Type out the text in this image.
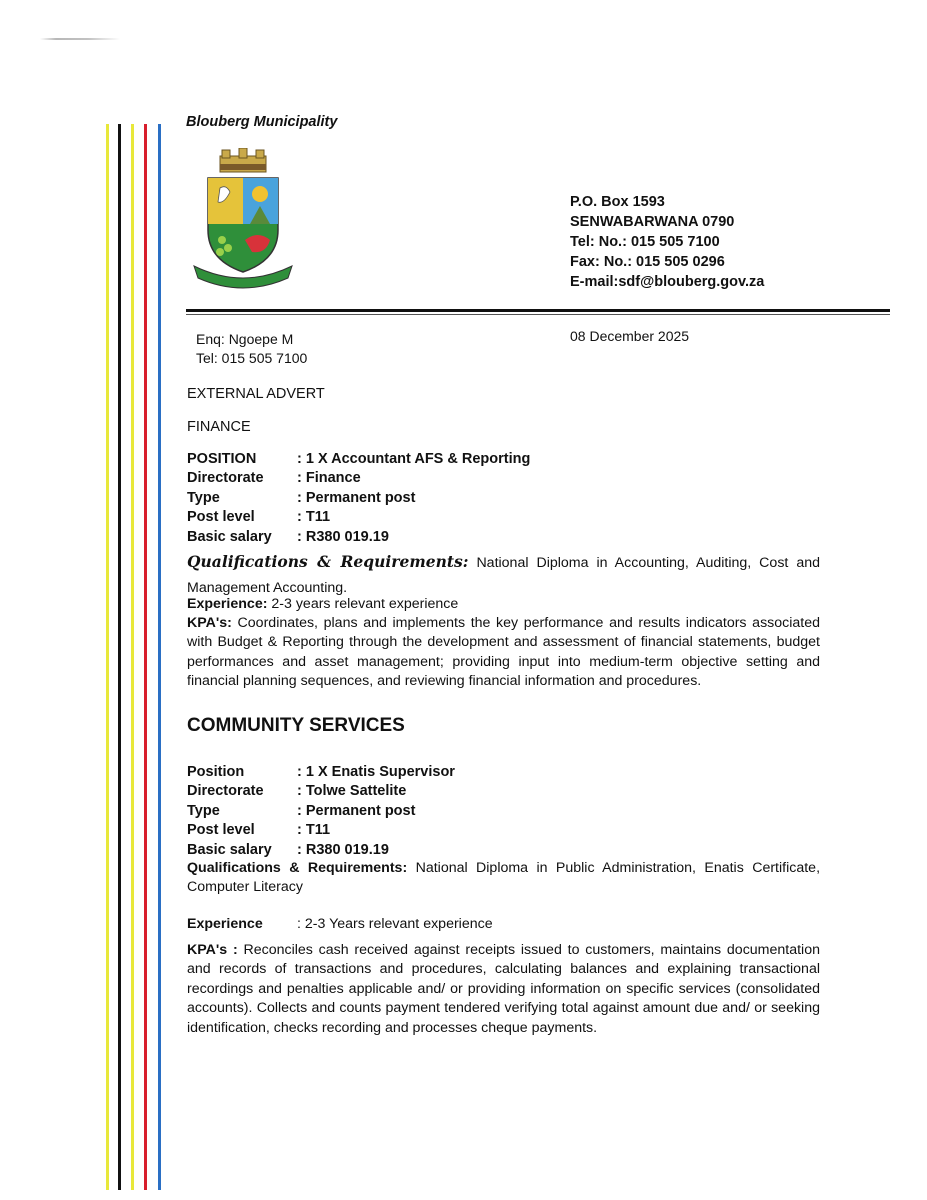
Blouberg Municipality
P.O. Box 1593
SENWABARWANA 0790
Tel: No.: 015 505 7100
Fax: No.: 015 505 0296
E-mail:sdf@blouberg.gov.za
Enq: Ngoepe M
Tel: 015 505 7100
08 December 2025
EXTERNAL ADVERT
FINANCE
POSITION	: 1 X Accountant AFS & Reporting
Directorate	: Finance
Type	: Permanent post
Post level	: T11
Basic salary	: R380 019.19
Qualifications & Requirements: National Diploma in Accounting, Auditing, Cost and Management Accounting.
Experience: 2-3 years relevant experience
KPA's: Coordinates, plans and implements the key performance and results indicators associated with Budget & Reporting through the development and assessment of financial statements, budget performances and asset management; providing input into medium-term objective setting and financial planning sequences, and reviewing financial information and procedures.
COMMUNITY SERVICES
Position	: 1 X Enatis Supervisor
Directorate	: Tolwe Sattelite
Type	: Permanent post
Post level	: T11
Basic salary	: R380 019.19
Qualifications & Requirements: National Diploma in Public Administration, Enatis Certificate, Computer Literacy
Experience	: 2-3 Years relevant experience
KPA's : Reconciles cash received against receipts issued to customers, maintains documentation and records of transactions and procedures, calculating balances and explaining transactional recordings and penalties applicable and/ or providing information on specific services (consolidated accounts). Collects and counts payment tendered verifying total against amount due and/ or seeking identification, checks recording and processes cheque payments.
